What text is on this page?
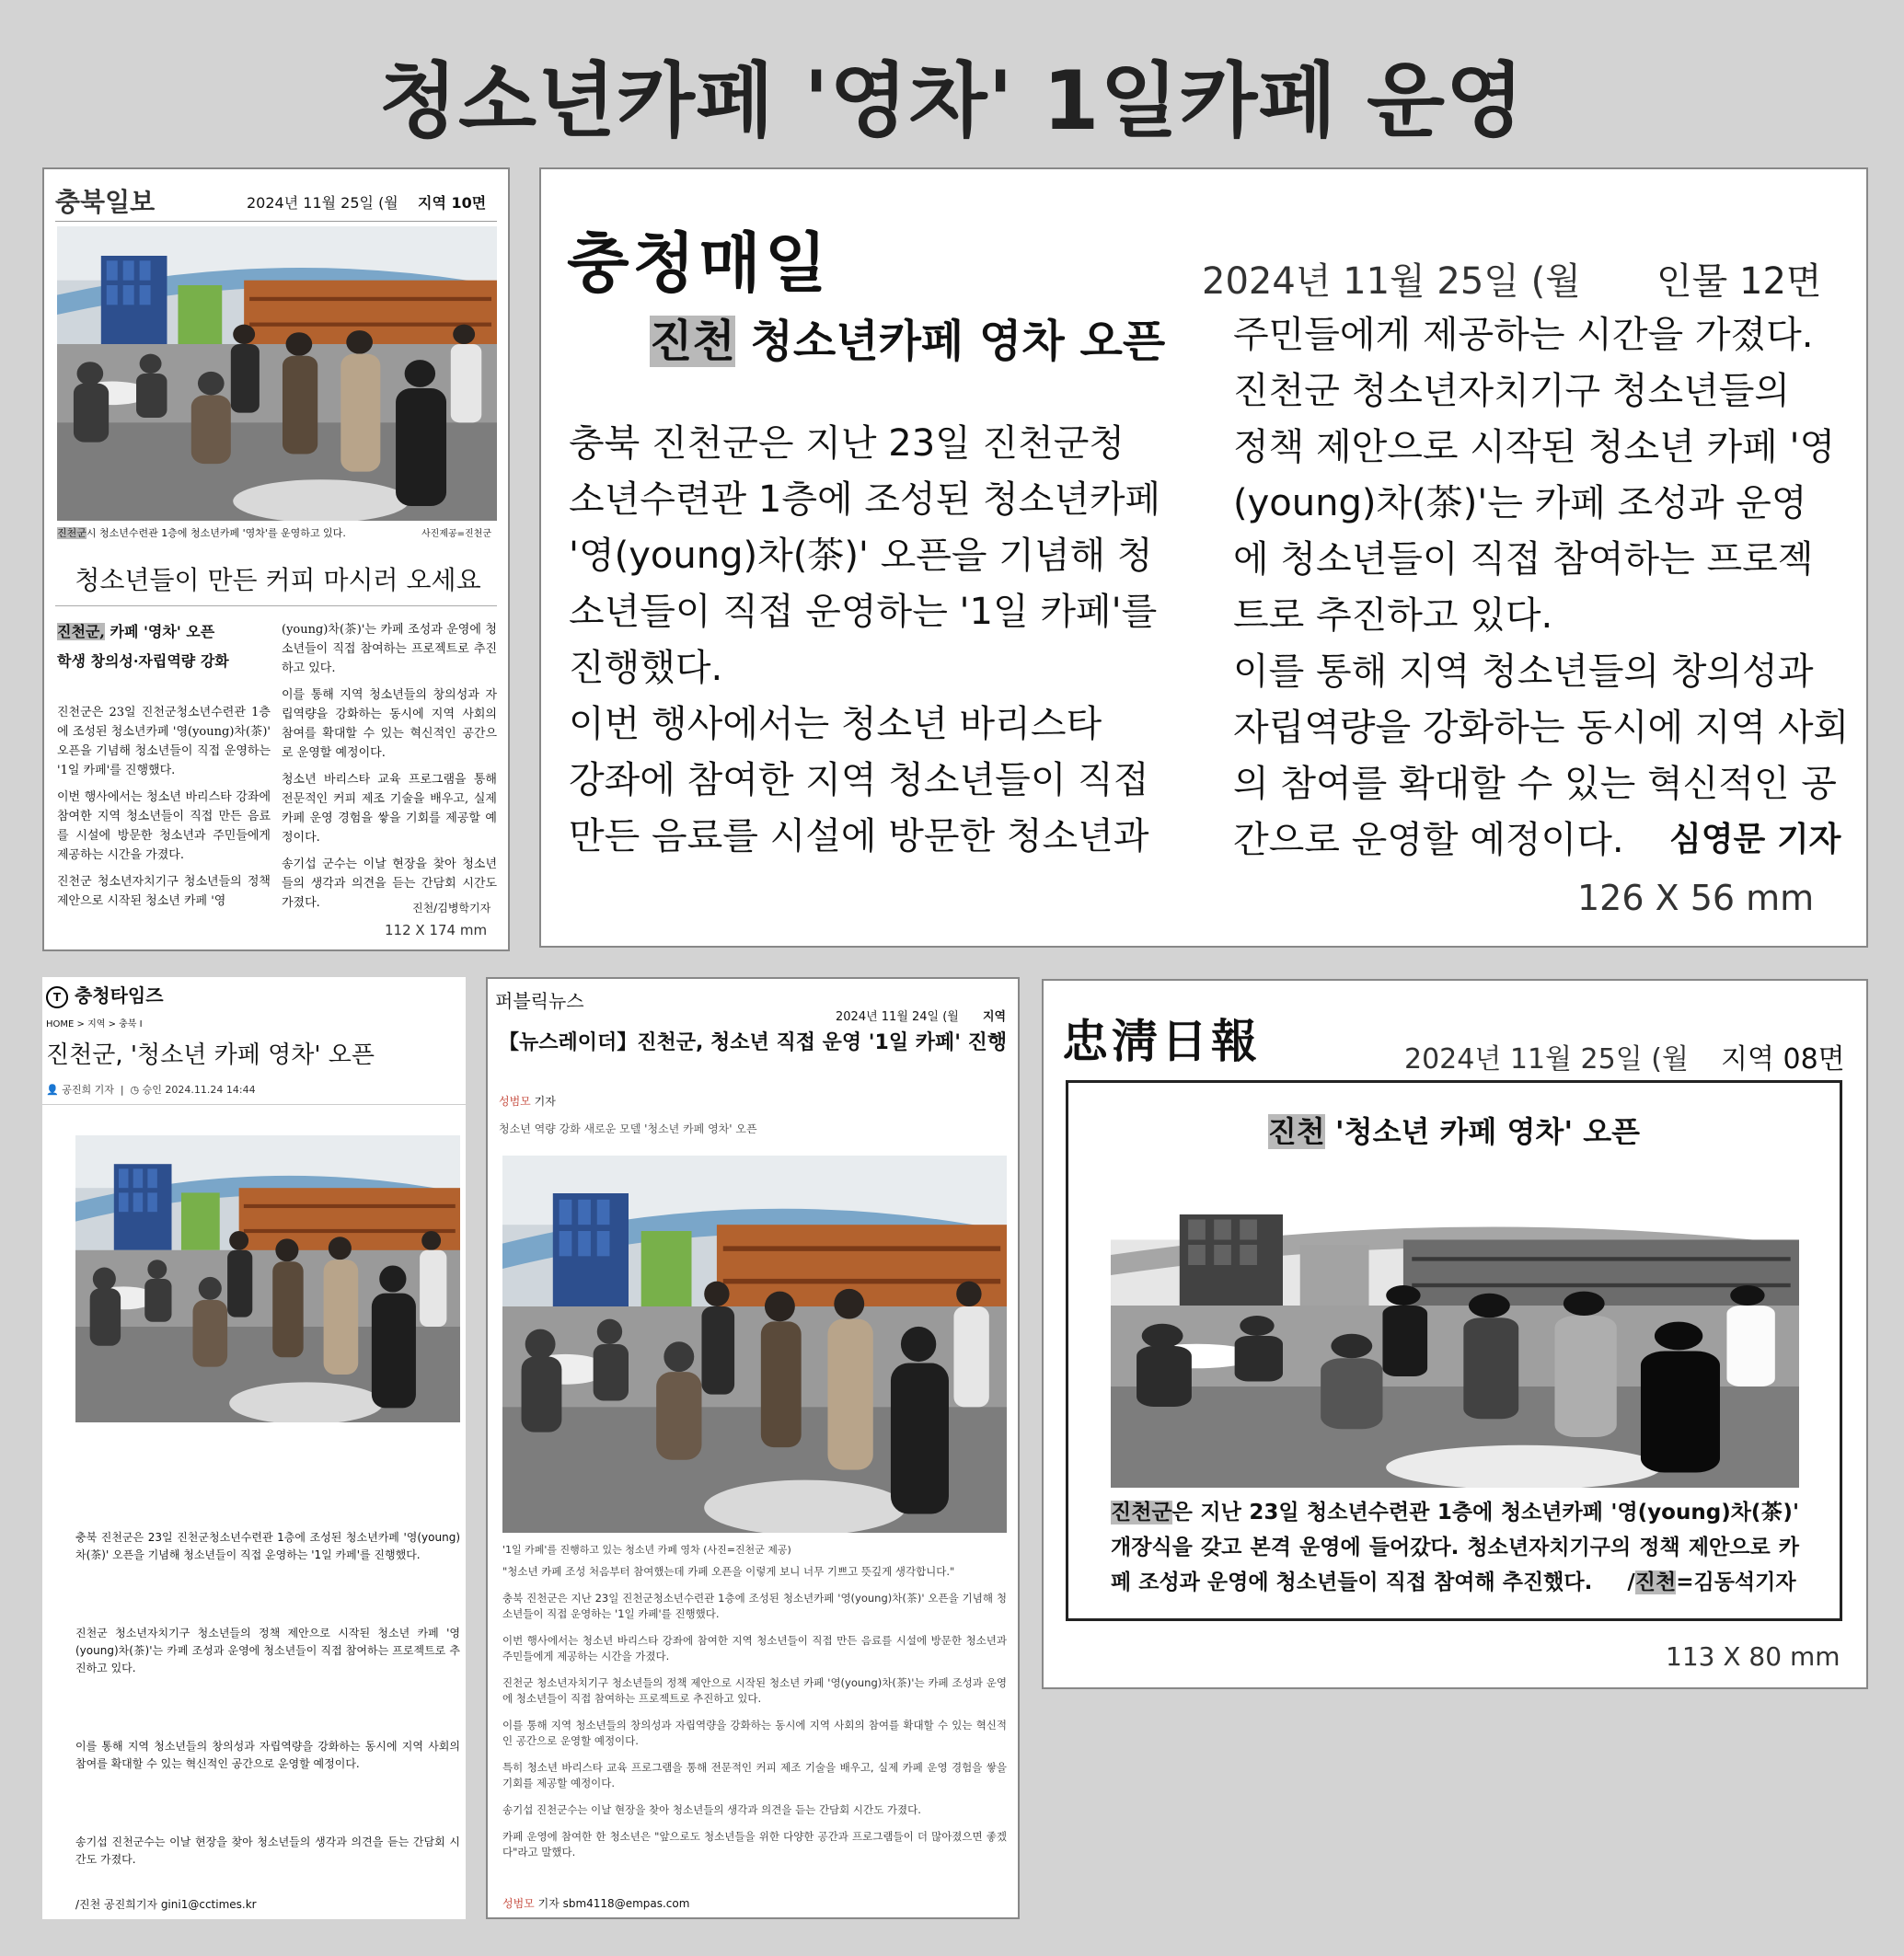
청소년카페 '영차' 1일카페 운영
충북일보	2024년 11월 25일 (월 지역 10면
진천군시 청소년수련관 1층에 청소년카페 '영차'를 운영하고 있다.	사진제공=진천군
청소년들이 만든 커피 마시러 오세요
진천군, 카페 '영차' 오픈
학생 창의성·자립역량 강화

진천군은 23일 진천군청소년수련관 1층에 조성된 청소년카페 '영(young)차(茶)' 오픈을 기념해 청소년들이 직접 운영하는 '1일 카페'를 진행했다.

이번 행사에서는 청소년 바리스타 강좌에 참여한 지역 청소년들이 직접 만든 음료를 시설에 방문한 청소년과 주민들에게 제공하는 시간을 가졌다.

진천군 청소년자치기구 청소년들의 정책 제안으로 시작된 청소년 카페 '영

(young)차(茶)'는 카페 조성과 운영에 청소년들이 직접 참여하는 프로젝트로 추진하고 있다.

이를 통해 지역 청소년들의 창의성과 자립역량을 강화하는 동시에 지역 사회의 참여를 확대할 수 있는 혁신적인 공간으로 운영할 예정이다.

청소년 바리스타 교육 프로그램을 통해 전문적인 커피 제조 기술을 배우고, 실제 카페 운영 경험을 쌓을 기회를 제공할 예정이다.

송기섭 군수는 이날 현장을 찾아 청소년들의 생각과 의견을 듣는 간담회 시간도 가졌다.	진천/김병학기자
112 X 174 mm
충청매일	2024년 11월 25일 (월 인물 12면
진천 청소년카페 영차 오픈
충북 진천군은 지난 23일 진천군청
소년수련관 1층에 조성된 청소년카페
'영(young)차(茶)' 오픈을 기념해 청
소년들이 직접 운영하는 '1일 카페'를
진행했다.
이번 행사에서는 청소년 바리스타
강좌에 참여한 지역 청소년들이 직접
만든 음료를 시설에 방문한 청소년과
주민들에게 제공하는 시간을 가졌다.
진천군 청소년자치기구 청소년들의
정책 제안으로 시작된 청소년 카페 '영
(young)차(茶)'는 카페 조성과 운영
에 청소년들이 직접 참여하는 프로젝
트로 추진하고 있다.
이를 통해 지역 청소년들의 창의성과
자립역량을 강화하는 동시에 지역 사회
의 참여를 확대할 수 있는 혁신적인 공
간으로 운영할 예정이다.	심영문 기자
126 X 56 mm
T 충청타임즈
HOME > 지역 > 충북 I
진천군, '청소년 카페 영차' 오픈
👤 공진희 기자  |  ◷ 승인 2024.11.24 14:44

충북 진천군은 23일 진천군청소년수련관 1층에 조성된 청소년카페 '영(young)차(茶)' 오픈을 기념해 청소년들이 직접 운영하는 '1일 카페'를 진행했다.

진천군 청소년자치기구 청소년들의 정책 제안으로 시작된 청소년 카페 '영(young)차(茶)'는 카페 조성과 운영에 청소년들이 직접 참여하는 프로젝트로 추진하고 있다.

이를 통해 지역 청소년들의 창의성과 자립역량을 강화하는 동시에 지역 사회의 참여를 확대할 수 있는 혁신적인 공간으로 운영할 예정이다.

송기섭 진천군수는 이날 현장을 찾아 청소년들의 생각과 의견을 듣는 간담회 시간도 가졌다.

/진천 공진희기자 gini1@cctimes.kr
퍼블릭뉴스
2024년 11월 24일 (월 지역
【뉴스레이더】진천군, 청소년 직접 운영 '1일 카페' 진행
성범모 기자
청소년 역량 강화 새로운 모델 '청소년 카페 영차' 오픈
'1일 카페'를 진행하고 있는 청소년 카페 영차 (사진=진천군 제공)

"청소년 카페 조성 처음부터 참여했는데 카페 오픈을 이렇게 보니 너무 기쁘고 뜻깊게 생각합니다."

충북 진천군은 지난 23일 진천군청소년수련관 1층에 조성된 청소년카페 '영(young)차(茶)' 오픈을 기념해 청소년들이 직접 운영하는 '1일 카페'를 진행했다.

이번 행사에서는 청소년 바리스타 강좌에 참여한 지역 청소년들이 직접 만든 음료를 시설에 방문한 청소년과 주민들에게 제공하는 시간을 가졌다.

진천군 청소년자치기구 청소년들의 정책 제안으로 시작된 청소년 카페 '영(young)차(茶)'는 카페 조성과 운영에 청소년들이 직접 참여하는 프로젝트로 추진하고 있다.

이를 통해 지역 청소년들의 창의성과 자립역량을 강화하는 동시에 지역 사회의 참여를 확대할 수 있는 혁신적인 공간으로 운영할 예정이다.

특히 청소년 바리스타 교육 프로그램을 통해 전문적인 커피 제조 기술을 배우고, 실제 카페 운영 경험을 쌓을 기회를 제공할 예정이다.

송기섭 진천군수는 이날 현장을 찾아 청소년들의 생각과 의견을 듣는 간담회 시간도 가졌다.

카페 운영에 참여한 한 청소년은 "앞으로도 청소년들을 위한 다양한 공간과 프로그램들이 더 많아졌으면 좋겠다"라고 말했다.

성범모 기자 sbm4118@empas.com
忠淸日報	2024년 11월 25일 (월 지역 08면
진천 '청소년 카페 영차' 오픈
진천군은 지난 23일 청소년수련관 1층에 청소년카페 '영(young)차(茶)' 개장식을 갖고 본격 운영에 들어갔다. 청소년자치기구의 정책 제안으로 카페 조성과 운영에 청소년들이 직접 참여해 추진했다. /진천=김동석기자
113 X 80 mm
